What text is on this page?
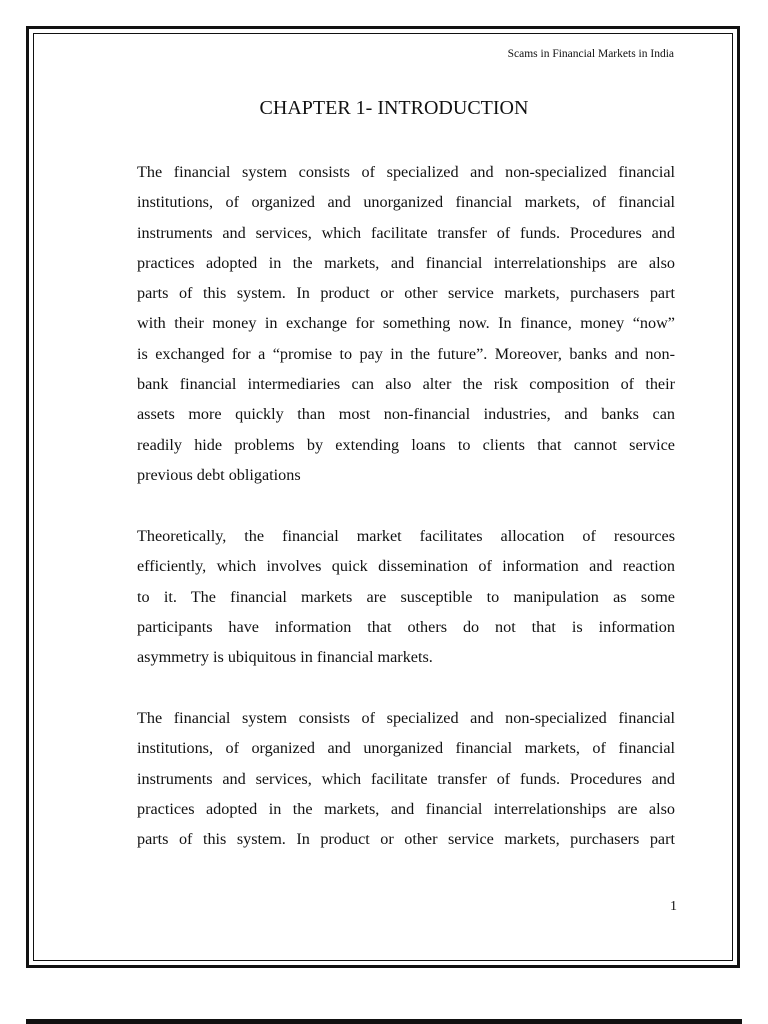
Scams in Financial Markets in India
CHAPTER 1- INTRODUCTION
The financial system consists of specialized and non-specialized financial
institutions, of organized and unorganized financial markets, of financial
instruments and services, which facilitate transfer of funds. Procedures and
practices adopted in the markets, and financial interrelationships are also
parts of this system. In product or other service markets, purchasers part
with their money in exchange for something now. In finance, money “now”
is exchanged for a “promise to pay in the future”. Moreover, banks and non-
bank financial intermediaries can also alter the risk composition of their
assets more quickly than most non-financial industries, and banks can
readily hide problems by extending loans to clients that cannot service
previous debt obligations
Theoretically, the financial market facilitates allocation of resources
efficiently, which involves quick dissemination of information and reaction
to it. The financial markets are susceptible to manipulation as some
participants have information that others do not that is information
asymmetry is ubiquitous in financial markets.
The financial system consists of specialized and non-specialized financial
institutions, of organized and unorganized financial markets, of financial
instruments and services, which facilitate transfer of funds. Procedures and
practices adopted in the markets, and financial interrelationships are also
parts of this system. In product or other service markets, purchasers part
1
